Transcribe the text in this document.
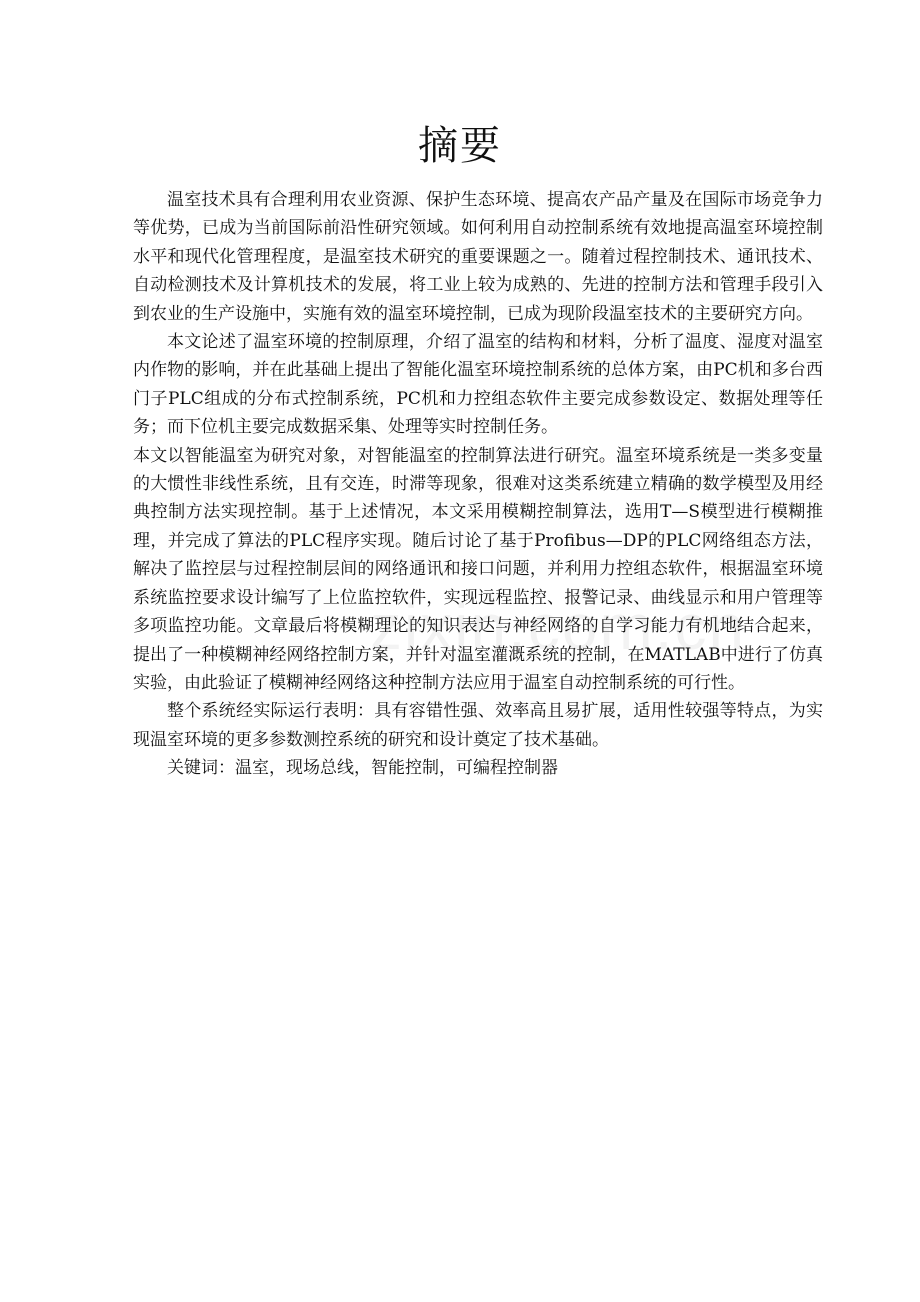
摘要

温室技术具有合理利用农业资源、保护生态环境、提高农产品产量及在国际市场竞争力等优势，已成为当前国际前沿性研究领域。如何利用自动控制系统有效地提高温室环境控制水平和现代化管理程度，是温室技术研究的重要课题之一。随着过程控制技术、通讯技术、自动检测技术及计算机技术的发展，将工业上较为成熟的、先进的控制方法和管理手段引入到农业的生产设施中，实施有效的温室环境控制，已成为现阶段温室技术的主要研究方向。

本文论述了温室环境的控制原理，介绍了温室的结构和材料，分析了温度、湿度对温室内作物的影响，并在此基础上提出了智能化温室环境控制系统的总体方案，由PC机和多台西门子PLC组成的分布式控制系统，PC机和力控组态软件主要完成参数设定、数据处理等任务；而下位机主要完成数据采集、处理等实时控制任务。

本文以智能温室为研究对象，对智能温室的控制算法进行研究。温室环境系统是一类多变量的大惯性非线性系统，且有交连，时滞等现象，很难对这类系统建立精确的数学模型及用经典控制方法实现控制。基于上述情况，本文采用模糊控制算法，选用T—S模型进行模糊推理，并完成了算法的PLC程序实现。随后讨论了基于Profibus—DP的PLC网络组态方法，解决了监控层与过程控制层间的网络通讯和接口问题，并利用力控组态软件，根据温室环境系统监控要求设计编写了上位监控软件，实现远程监控、报警记录、曲线显示和用户管理等多项监控功能。文章最后将模糊理论的知识表达与神经网络的自学习能力有机地结合起来，提出了一种模糊神经网络控制方案，并针对温室灌溉系统的控制，在MATLAB中进行了仿真实验，由此验证了模糊神经网络这种控制方法应用于温室自动控制系统的可行性。

整个系统经实际运行表明：具有容错性强、效率高且易扩展，适用性较强等特点，为实现温室环境的更多参数测控系统的研究和设计奠定了技术基础。

关键词：温室，现场总线，智能控制，可编程控制器
